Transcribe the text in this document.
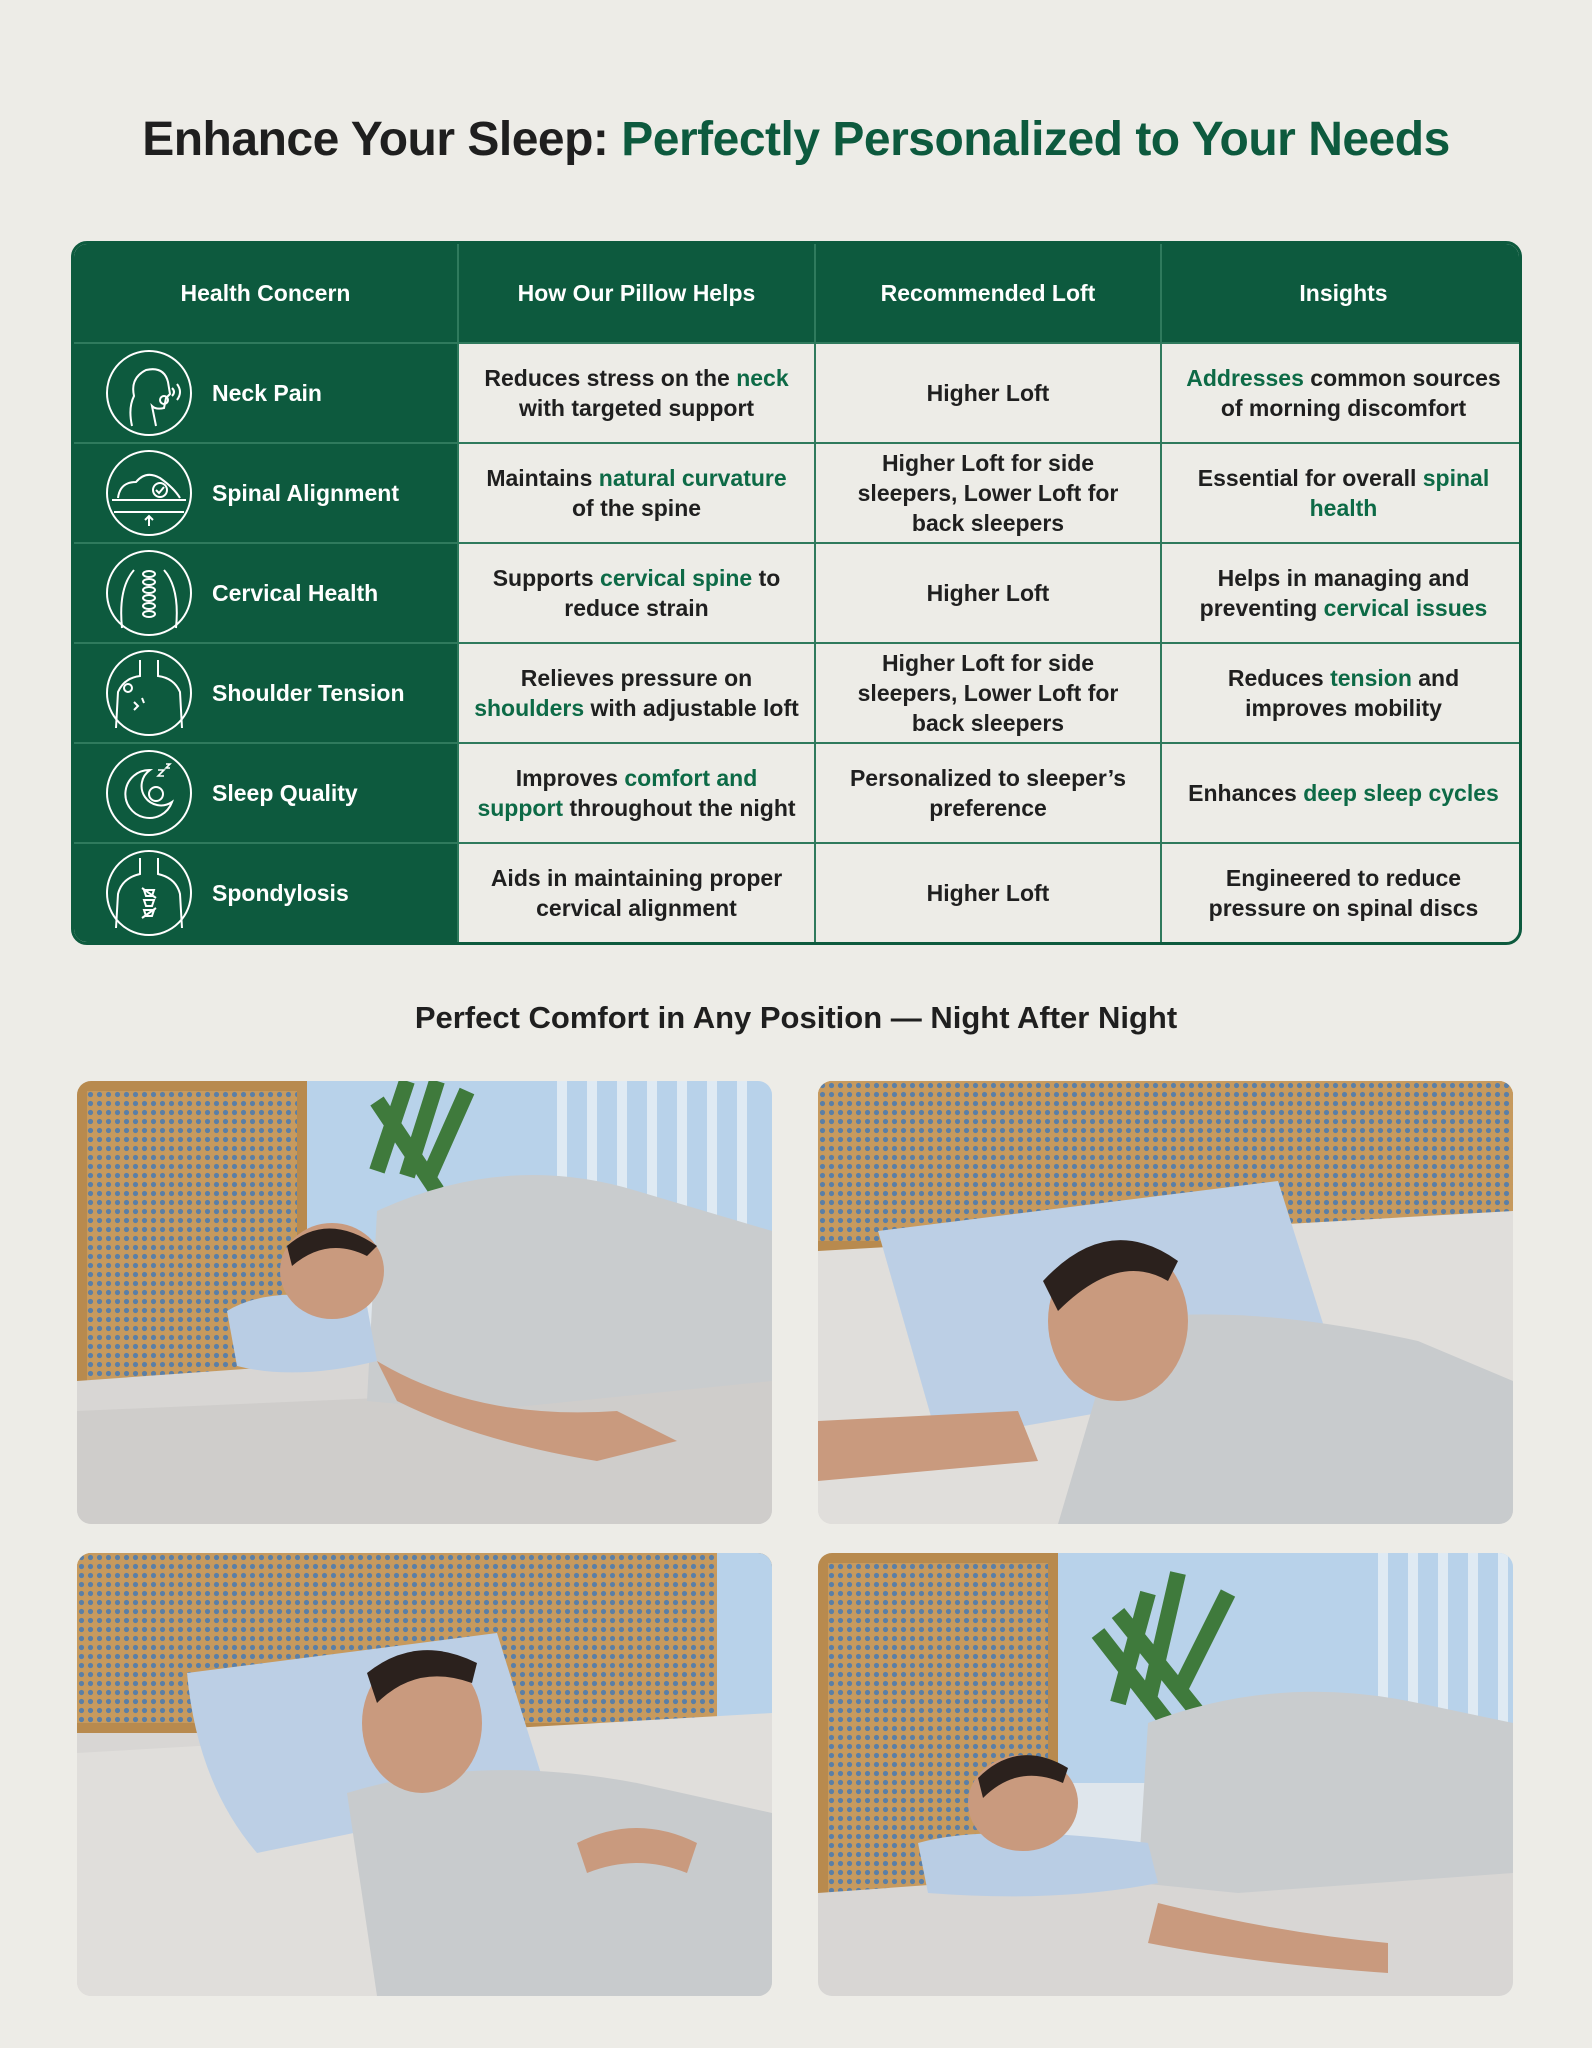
Enhance Your Sleep: Perfectly Personalized to Your Needs
Health Concern	How Our Pillow Helps	Recommended Loft	Insights

Neck Pain	Reduces stress on the neck with targeted support	Higher Loft	Addresses common sources of morning discomfort

Spinal Alignment	Maintains natural curvature of the spine	Higher Loft for side sleepers, Lower Loft for back sleepers	Essential for overall spinal health

Cervical Health	Supports cervical spine to reduce strain	Higher Loft	Helps in managing and preventing cervical issues

Shoulder Tension	Relieves pressure on shoulders with adjustable loft	Higher Loft for side sleepers, Lower Loft for back sleepers	Reduces tension and improves mobility

Sleep Quality	Improves comfort and support throughout the night	Personalized to sleeper’s preference	Enhances deep sleep cycles

Spondylosis	Aids in maintaining proper cervical alignment	Higher Loft	Engineered to reduce pressure on spinal discs
Perfect Comfort in Any Position — Night After Night
